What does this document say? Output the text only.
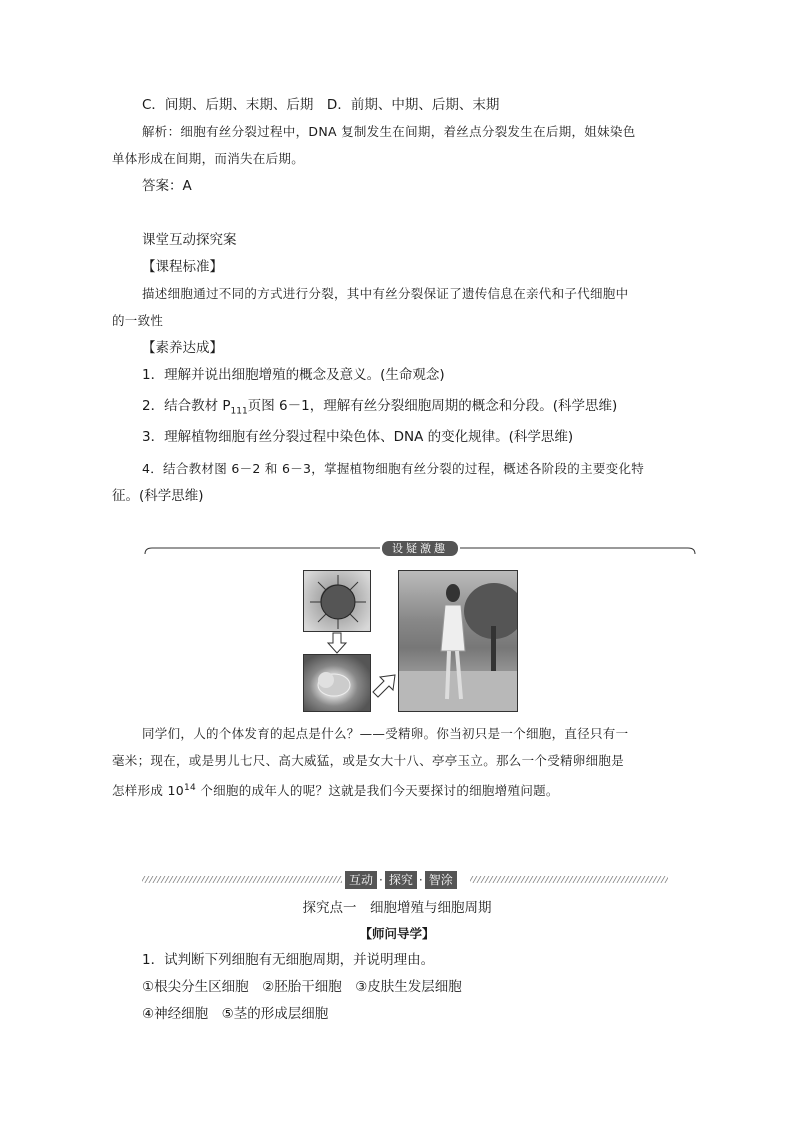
C．间期、后期、末期、后期　D．前期、中期、后期、末期
解析：细胞有丝分裂过程中，DNA 复制发生在间期，着丝点分裂发生在后期，姐妹染色
单体形成在间期，而消失在后期。
答案：A
课堂互动探究案
【课程标准】
描述细胞通过不同的方式进行分裂，其中有丝分裂保证了遗传信息在亲代和子代细胞中
的一致性
【素养达成】
1．理解并说出细胞增殖的概念及意义。(生命观念)
2．结合教材 $P_{111}$页图 6－1，理解有丝分裂细胞周期的概念和分段。(科学思维)
3．理解植物细胞有丝分裂过程中染色体、DNA 的变化规律。(科学思维)
4．结合教材图 6－2 和 6－3，掌握植物细胞有丝分裂的过程，概述各阶段的主要变化特
征。(科学思维)
设疑激趣
同学们，人的个体发育的起点是什么？——受精卵。你当初只是一个细胞，直径只有一
毫米；现在，或是男儿七尺、高大威猛，或是女大十八、亭亭玉立。那么一个受精卵细胞是
怎样形成 $10^{14}$ 个细胞的成年人的呢？这就是我们今天要探讨的细胞增殖问题。
互动 · 探究 · 智涂
探究点一　细胞增殖与细胞周期
【师问导学】
1．试判断下列细胞有无细胞周期，并说明理由。
①根尖分生区细胞　②胚胎干细胞　③皮肤生发层细胞
④神经细胞　⑤茎的形成层细胞
